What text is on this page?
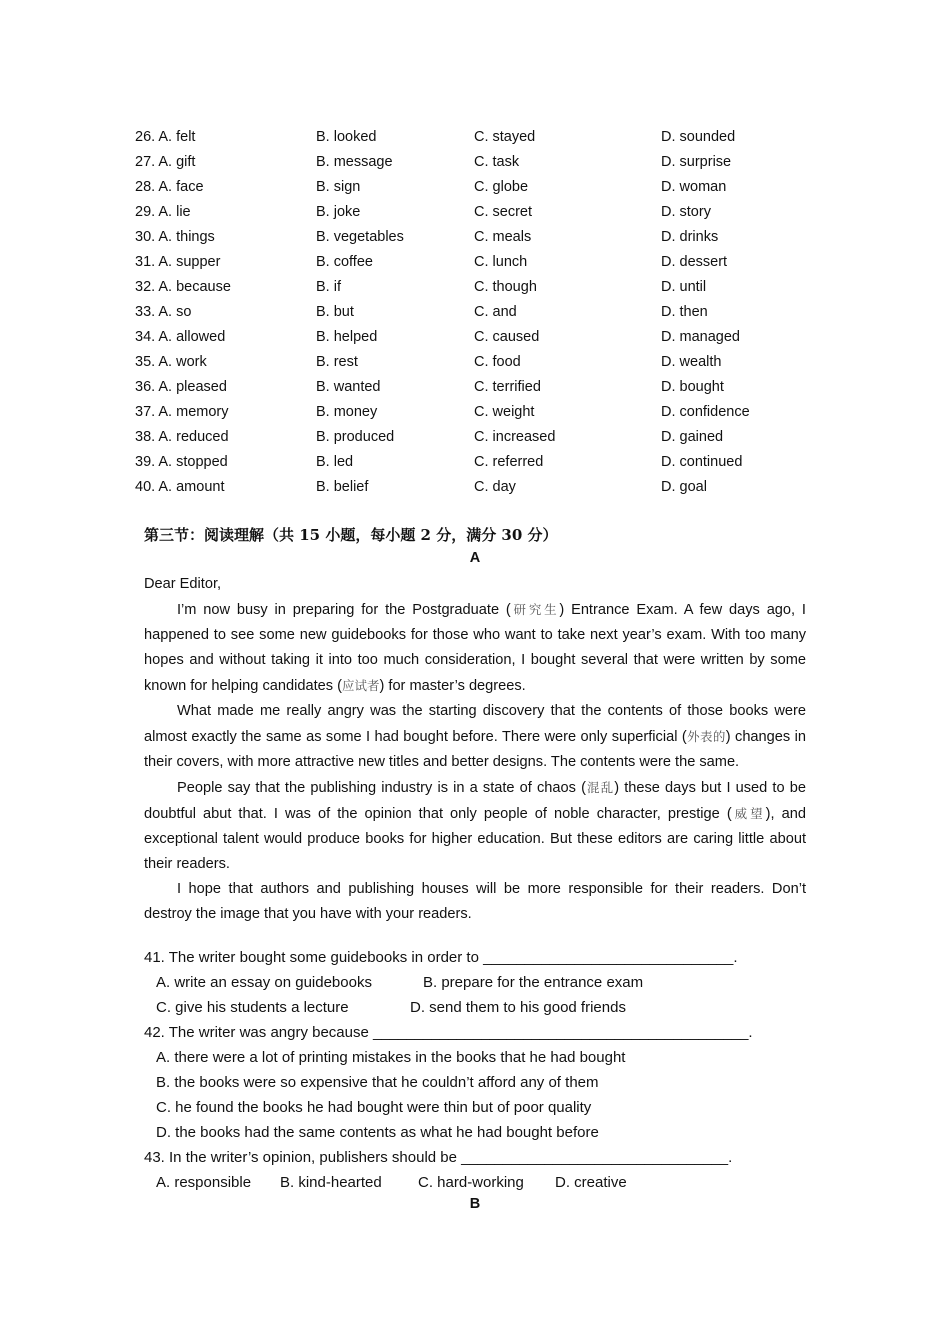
26. A. felt	B. looked	C. stayed	D. sounded
27. A. gift	B. message	C. task	D. surprise
28. A. face	B. sign	C. globe	D. woman
29. A. lie	B. joke	C. secret	D. story
30. A. things	B. vegetables	C. meals	D. drinks
31. A. supper	B. coffee	C. lunch	D. dessert
32. A. because	B. if	C. though	D. until
33. A. so	B. but	C. and	D. then
34. A. allowed	B. helped	C. caused	D. managed
35. A. work	B. rest	C. food	D. wealth
36. A. pleased	B. wanted	C. terrified	D. bought
37. A. memory	B. money	C. weight	D. confidence
38. A. reduced	B. produced	C. increased	D. gained
39. A. stopped	B. led	C. referred	D. continued
40. A. amount	B. belief	C. day	D. goal
第三节：阅读理解（共 15 小题，每小题 2 分，满分 30 分）
A

Dear Editor,

I’m now busy in preparing for the Postgraduate (研究生) Entrance Exam. A few days ago, I happened to see some new guidebooks for those who want to take next year’s exam. With too many hopes and without taking it into too much consideration, I bought several that were written by some known for helping candidates (应试者) for master’s degrees.

What made me really angry was the starting discovery that the contents of those books were almost exactly the same as some I had bought before. There were only superficial (外表的) changes in their covers, with more attractive new titles and better designs. The contents were the same.

People say that the publishing industry is in a state of chaos (混乱) these days but I used to be doubtful abut that. I was of the opinion that only people of noble character, prestige (威望), and exceptional talent would produce books for higher education. But these editors are caring little about their readers.

I hope that authors and publishing houses will be more responsible for their readers. Don’t destroy the image that you have with your readers.

41. The writer bought some guidebooks in order to ______________________________.
A. write an essay on guidebooks	B. prepare for the entrance exam
C. give his students a lecture	D. send them to his good friends
42. The writer was angry because _____________________________________________.
A. there were a lot of printing mistakes in the books that he had bought
B. the books were so expensive that he couldn’t afford any of them
C. he found the books he had bought were thin but of poor quality
D. the books had the same contents as what he had bought before
43. In the writer’s opinion, publishers should be ________________________________.
A. responsible B. kind-hearted C. hard-working D. creative
B
